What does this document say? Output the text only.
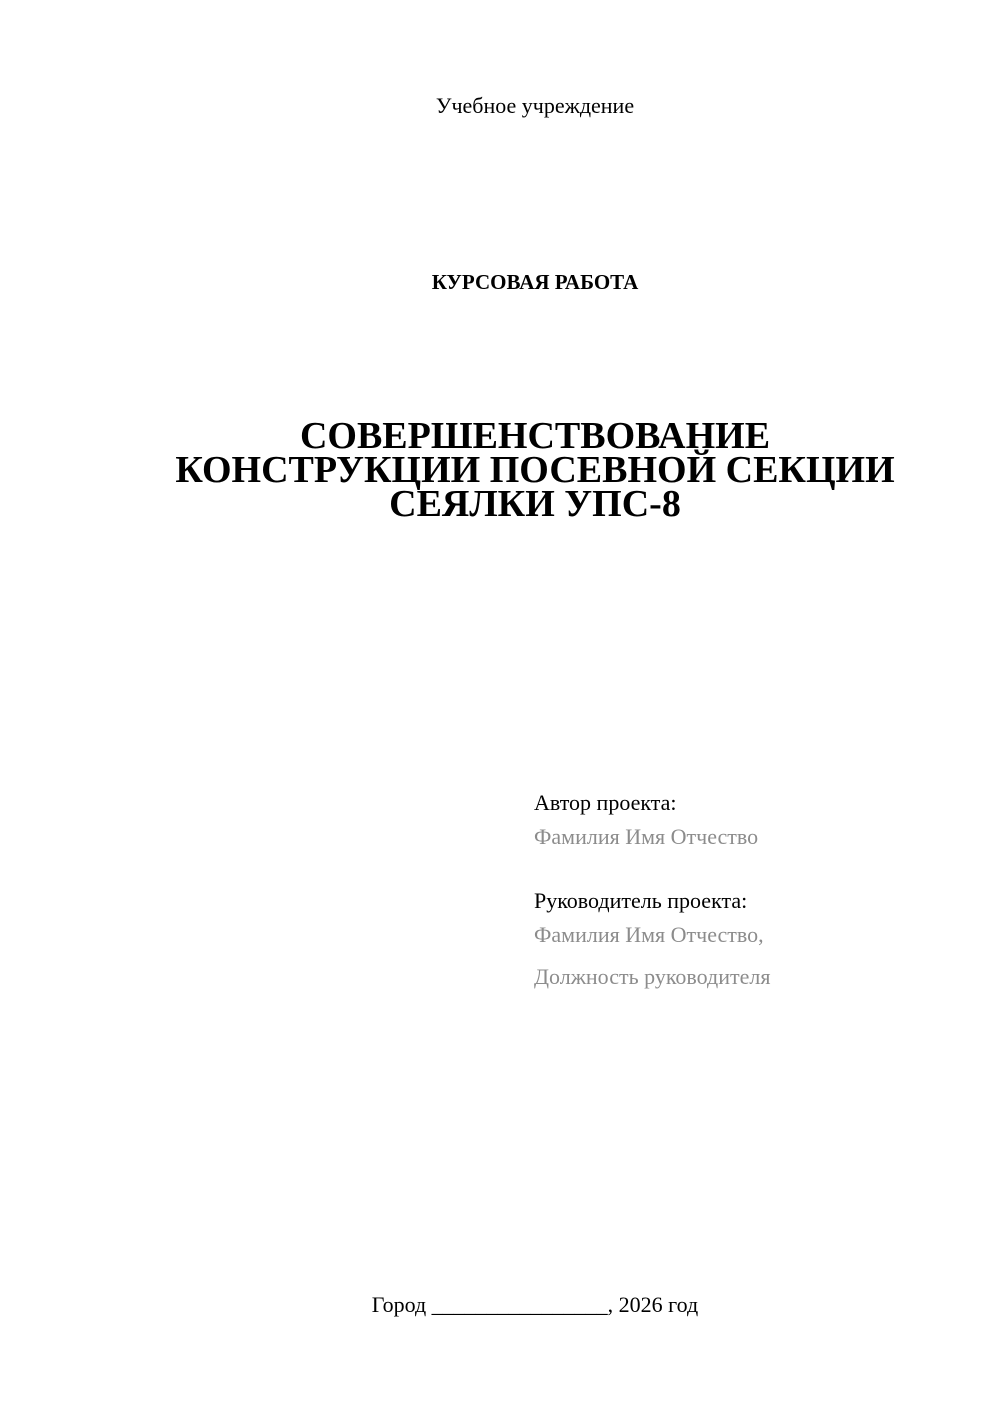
Учебное учреждение
КУРСОВАЯ РАБОТА
СОВЕРШЕНСТВОВАНИЕ
КОНСТРУКЦИИ ПОСЕВНОЙ СЕКЦИИ
СЕЯЛКИ УПС-8
Автор проекта:
Фамилия Имя Отчество
Руководитель проекта:
Фамилия Имя Отчество,
Должность руководителя
Город ________________, 2026 год
